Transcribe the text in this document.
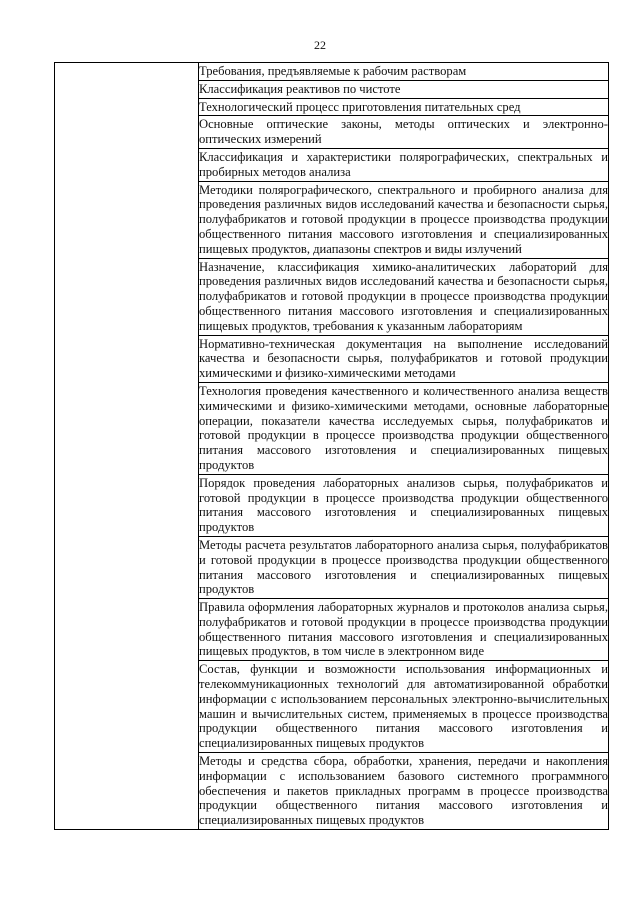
22

Требования, предъявляемые к рабочим растворам
Классификация реактивов по чистоте
Технологический процесс приготовления питательных сред
Основные оптические законы, методы оптических и электронно-оптических измерений
Классификация и характеристики полярографических, спектральных и пробирных методов анализа
Методики полярографического, спектрального и пробирного анализа для проведения различных видов исследований качества и безопасности сырья, полуфабрикатов и готовой продукции в процессе производства продукции общественного питания массового изготовления и специализированных пищевых продуктов, диапазоны спектров и виды излучений
Назначение, классификация химико-аналитических лабораторий для проведения различных видов исследований качества и безопасности сырья, полуфабрикатов и готовой продукции в процессе производства продукции общественного питания массового изготовления и специализированных пищевых продуктов, требования к указанным лабораториям
Нормативно-техническая документация на выполнение исследований качества и безопасности сырья, полуфабрикатов и готовой продукции химическими и физико-химическими методами
Технология проведения качественного и количественного анализа веществ химическими и физико-химическими методами, основные лабораторные операции, показатели качества исследуемых сырья, полуфабрикатов и готовой продукции в процессе производства продукции общественного питания массового изготовления и специализированных пищевых продуктов
Порядок проведения лабораторных анализов сырья, полуфабрикатов и готовой продукции в процессе производства продукции общественного питания массового изготовления и специализированных пищевых продуктов
Методы расчета результатов лабораторного анализа сырья, полуфабрикатов и готовой продукции в процессе производства продукции общественного питания массового изготовления и специализированных пищевых продуктов
Правила оформления лабораторных журналов и протоколов анализа сырья, полуфабрикатов и готовой продукции в процессе производства продукции общественного питания массового изготовления и специализированных пищевых продуктов, в том числе в электронном виде
Состав, функции и возможности использования информационных и телекоммуникационных технологий для автоматизированной обработки информации с использованием персональных электронно-вычислительных машин и вычислительных систем, применяемых в процессе производства продукции общественного питания массового изготовления и специализированных пищевых продуктов
Методы и средства сбора, обработки, хранения, передачи и накопления информации с использованием базового системного программного обеспечения и пакетов прикладных программ в процессе производства продукции общественного питания массового изготовления и специализированных пищевых продуктов
